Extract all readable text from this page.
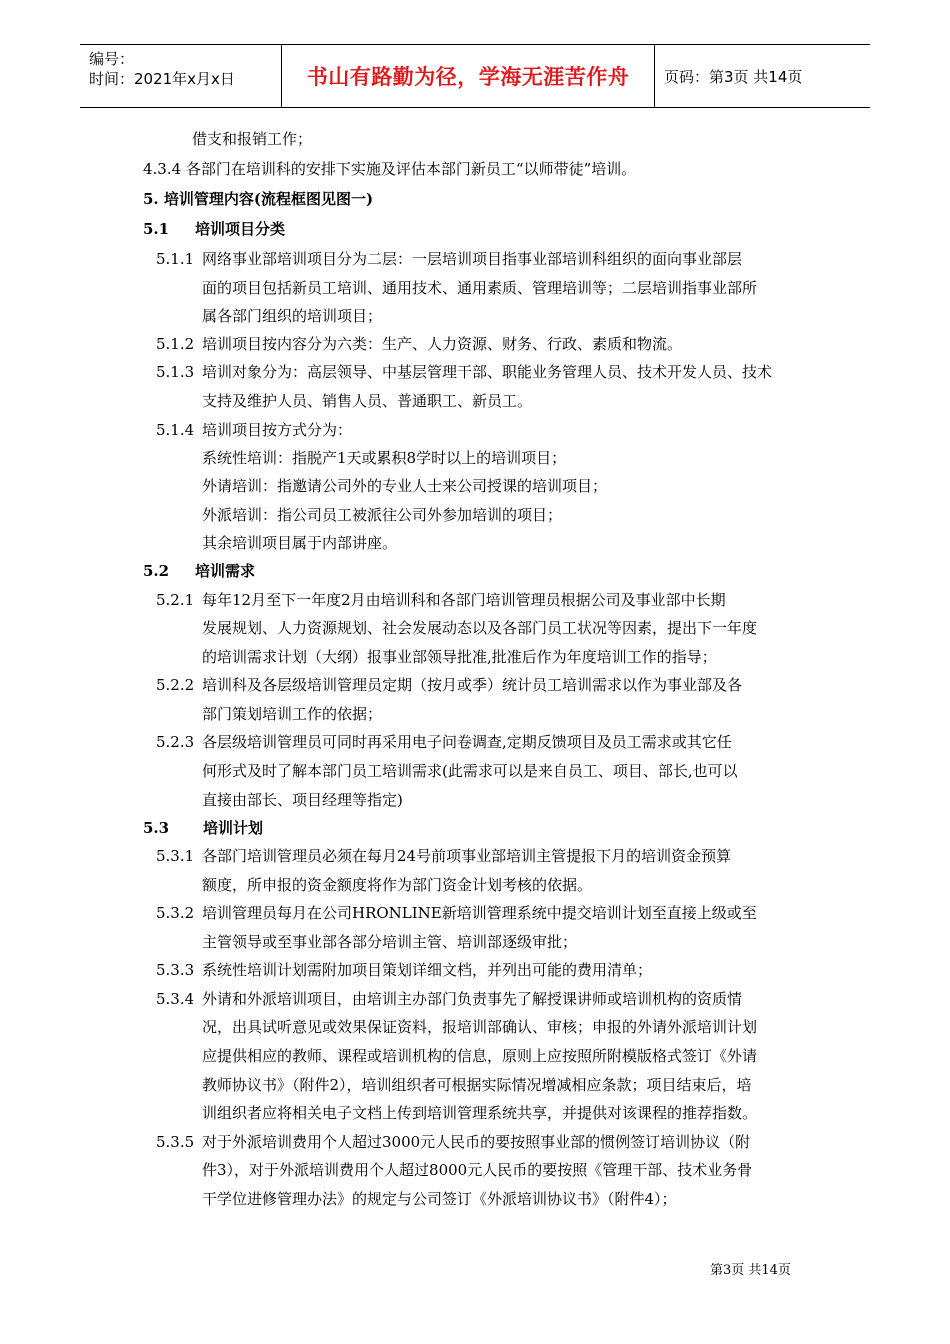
编号：
时间：2021年x月x日	书山有路勤为径，学海无涯苦作舟	页码：第3页 共14页
借支和报销工作；
4.3.4 各部门在培训科的安排下实施及评估本部门新员工“以师带徒”培训。
5. 培训管理内容(流程框图见图一)
5.1 培训项目分类
5.1.1 网络事业部培训项目分为二层：一层培训项目指事业部培训科组织的面向事业部层
面的项目包括新员工培训、通用技术、通用素质、管理培训等；二层培训指事业部所
属各部门组织的培训项目；
5.1.2 培训项目按内容分为六类：生产、人力资源、财务、行政、素质和物流。
5.1.3 培训对象分为：高层领导、中基层管理干部、职能业务管理人员、技术开发人员、技术
支持及维护人员、销售人员、普通职工、新员工。
5.1.4 培训项目按方式分为：
系统性培训：指脱产1天或累积8学时以上的培训项目；
外请培训：指邀请公司外的专业人士来公司授课的培训项目；
外派培训：指公司员工被派往公司外参加培训的项目；
其余培训项目属于内部讲座。
5.2 培训需求
5.2.1 每年12月至下一年度2月由培训科和各部门培训管理员根据公司及事业部中长期
发展规划、人力资源规划、社会发展动态以及各部门员工状况等因素，提出下一年度
的培训需求计划（大纲）报事业部领导批准,批准后作为年度培训工作的指导；
5.2.2 培训科及各层级培训管理员定期（按月或季）统计员工培训需求以作为事业部及各
部门策划培训工作的依据；
5.2.3 各层级培训管理员可同时再采用电子问卷调查,定期反馈项目及员工需求或其它任
何形式及时了解本部门员工培训需求(此需求可以是来自员工、项目、部长,也可以
直接由部长、项目经理等指定)
5.3 培训计划
5.3.1 各部门培训管理员必须在每月24号前项事业部培训主管提报下月的培训资金预算
额度，所申报的资金额度将作为部门资金计划考核的依据。
5.3.2 培训管理员每月在公司HRONLINE新培训管理系统中提交培训计划至直接上级或至
主管领导或至事业部各部分培训主管、培训部逐级审批；
5.3.3 系统性培训计划需附加项目策划详细文档，并列出可能的费用清单；
5.3.4 外请和外派培训项目，由培训主办部门负责事先了解授课讲师或培训机构的资质情
况，出具试听意见或效果保证资料，报培训部确认、审核；申报的外请外派培训计划
应提供相应的教师、课程或培训机构的信息，原则上应按照所附模版格式签订《外请
教师协议书》（附件2），培训组织者可根据实际情况增减相应条款；项目结束后，培
训组织者应将相关电子文档上传到培训管理系统共享，并提供对该课程的推荐指数。
5.3.5 对于外派培训费用个人超过3000元人民币的要按照事业部的惯例签订培训协议（附
件3），对于外派培训费用个人超过8000元人民币的要按照《管理干部、技术业务骨
干学位进修管理办法》的规定与公司签订《外派培训协议书》（附件4）；
第3页 共14页
